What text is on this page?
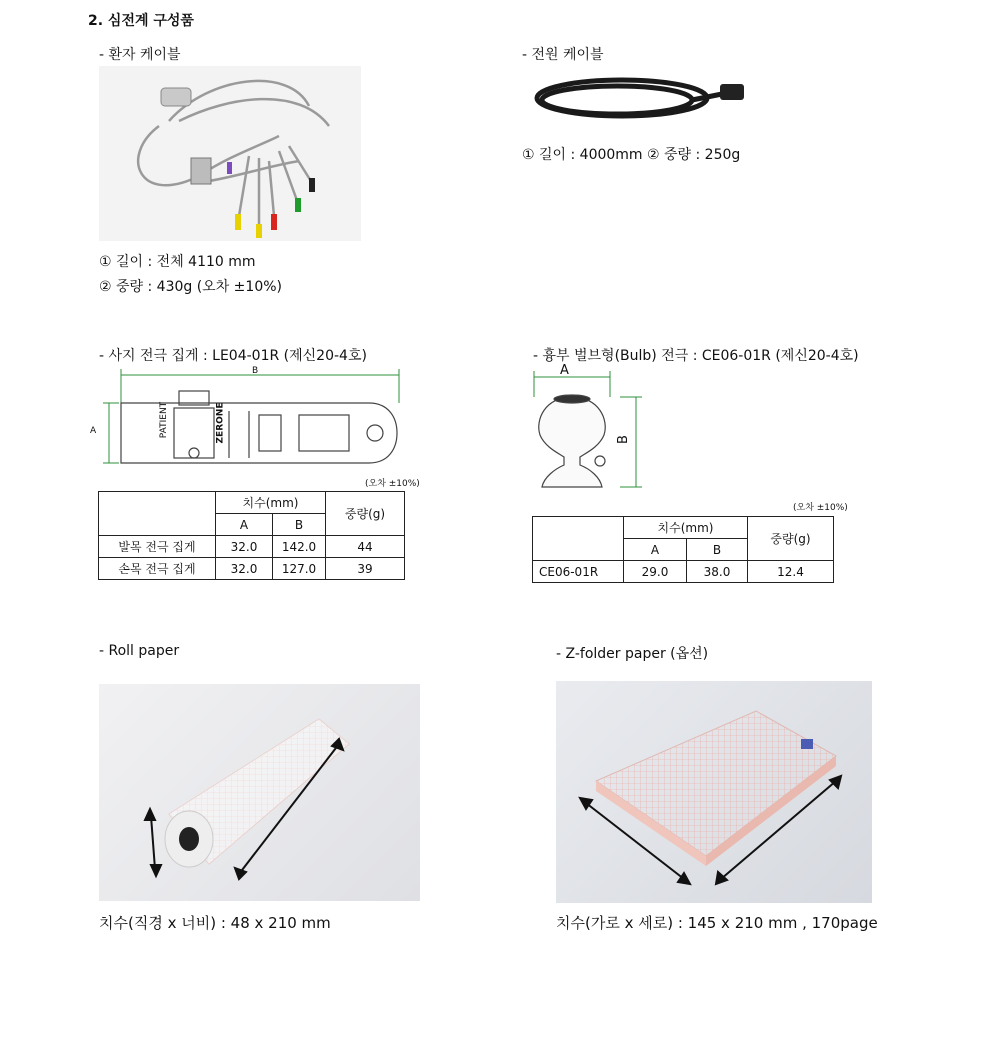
2. 심전계 구성품
- 환자 케이블
① 길이 : 전체 4110 mm
② 중량 : 430g (오차 ±10%)
- 전원 케이블
① 길이 : 4000mm ② 중량 : 250g
- 사지 전극 집게 : LE04-01R (제신20-4호)
A
B
PATIENT	ZERONE
(오차 ±10%)
	치수(mm)		중량(g)
	A	B	
발목 전극 집게	32.0	142.0	44
손목 전극 집게	32.0	127.0	39
- 흉부 벌브형(Bulb) 전극 : CE06-01R (제신20-4호)
A
B
(오차 ±10%)
	치수(mm)		중량(g)
	A	B	
CE06-01R	29.0	38.0	12.4
- Roll paper
치수(직경 x 너비) : 48 x 210 mm
- Z-folder paper (옵션)
치수(가로 x 세로) : 145 x 210 mm , 170page
